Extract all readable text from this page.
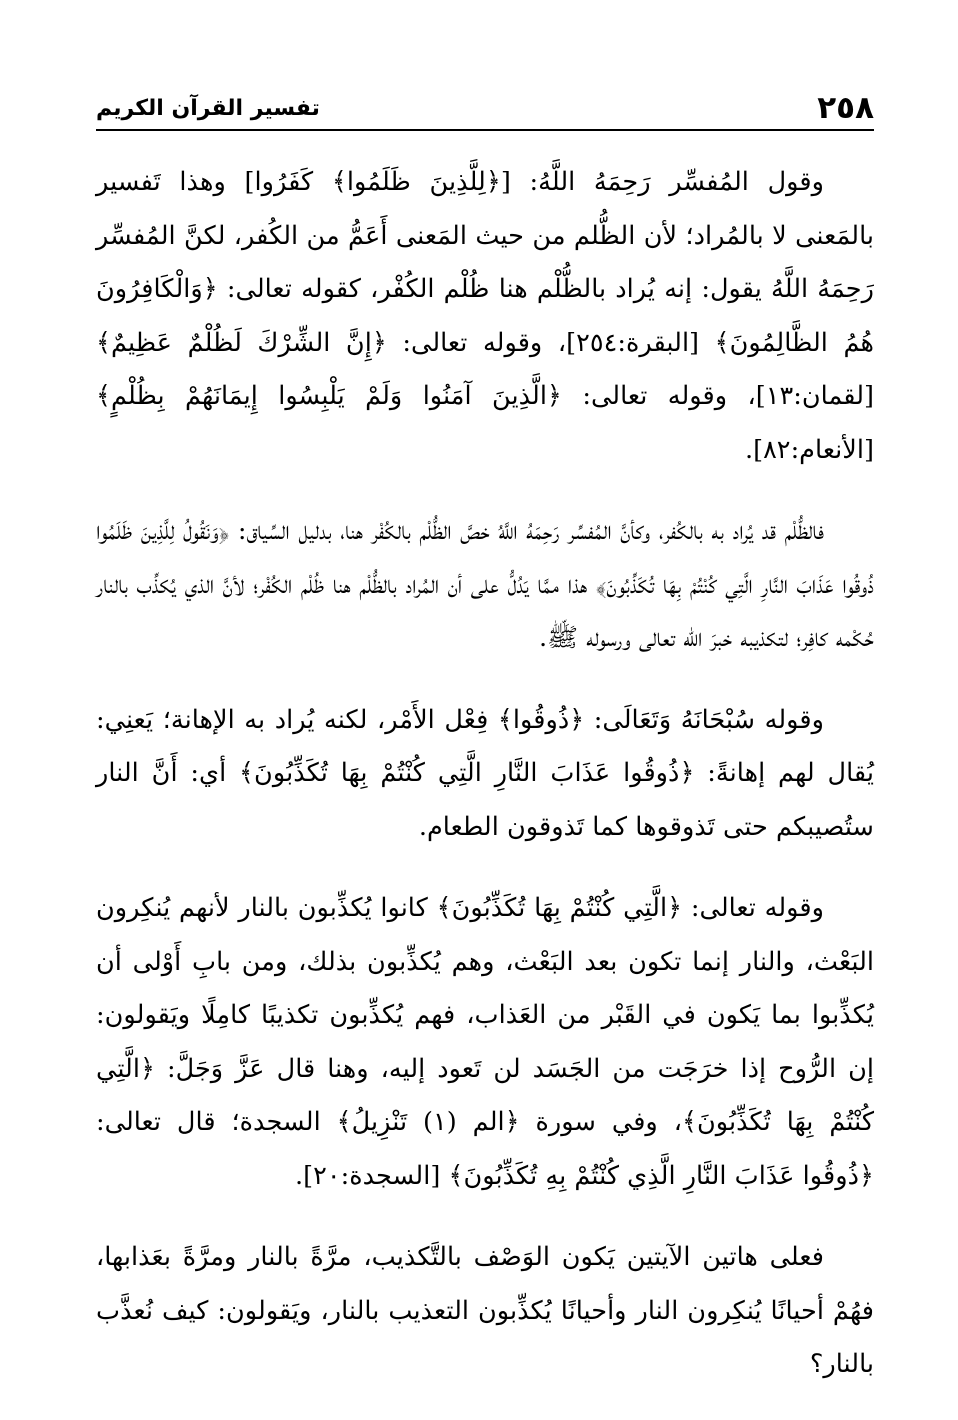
٢٥٨
تفسير القرآن الكريم

وقول المُفسِّر رَحِمَهُ اللَّهُ: [﴿لِلَّذِينَ ظَلَمُوا﴾ كَفَرُوا] وهذا تَفسير بالمَعنى لا بالمُراد؛ لأن الظُّلم من حيث المَعنى أَعَمُّ من الكُفر، لكنَّ المُفسِّر رَحِمَهُ اللَّهُ يقول: إنه يُراد بالظُّلْم هنا ظُلْم الكُفْر، كقوله تعالى: ﴿وَالْكَافِرُونَ هُمُ الظَّالِمُونَ﴾ [البقرة:٢٥٤]، وقوله تعالى: ﴿إِنَّ الشِّرْكَ لَظُلْمٌ عَظِيمٌ﴾ [لقمان:١٣]، وقوله تعالى: ﴿الَّذِينَ آمَنُوا وَلَمْ يَلْبِسُوا إِيمَانَهُمْ بِظُلْمٍ﴾ [الأنعام:٨٢].

فالظُّلْم قد يُراد به بالكُفر، وكأنَّ المُفسِّر رَحِمَهُ اللَّهُ خصَّ الظُّلْم بالكُفْر هنا، بدليل السِّياق: ﴿وَنَقُولُ لِلَّذِينَ ظَلَمُوا ذُوقُوا عَذَابَ النَّارِ الَّتِي كُنْتُمْ بِهَا تُكَذِّبُونَ﴾ هذا ممَّا يَدُلُّ على أن المُراد بالظُّلْم هنا ظُلْم الكُفْر؛ لأنَّ الذي يُكذِّب بالنار حُكْمه كافِر؛ لتكذيبه خبرَ الله تعالى ورسوله ﷺ.

وقوله سُبْحَانَهُ وَتَعَالَى: ﴿ذُوقُوا﴾ فِعْل الأَمْر، لكنه يُراد به الإهانة؛ يَعنِي: يُقال لهم إهانةً: ﴿ذُوقُوا عَذَابَ النَّارِ الَّتِي كُنْتُمْ بِهَا تُكَذِّبُونَ﴾ أي: أَنَّ النار ستُصيبكم حتى تَذوقوها كما تَذوقون الطعام.

وقوله تعالى: ﴿الَّتِي كُنْتُمْ بِهَا تُكَذِّبُونَ﴾ كانوا يُكذِّبون بالنار لأنهم يُنكِرون البَعْث، والنار إنما تكون بعد البَعْث، وهم يُكذِّبون بذلك، ومن بابِ أَوْلى أن يُكذِّبوا بما يَكون في القَبْر من العَذاب، فهم يُكذِّبون تكذيبًا كامِلًا ويَقولون: إن الرُّوح إذا خرَجَت من الجَسَد لن تَعود إليه، وهنا قال عَزَّ وَجَلَّ: ﴿الَّتِي كُنْتُمْ بِهَا تُكَذِّبُونَ﴾، وفي سورة ﴿الم (١) تَنْزِيلُ﴾ السجدة؛ قال تعالى: ﴿ذُوقُوا عَذَابَ النَّارِ الَّذِي كُنْتُمْ بِهِ تُكَذِّبُونَ﴾ [السجدة:٢٠].

فعلى هاتين الآيتين يَكون الوَصْف بالتَّكذيب، مرَّةً بالنار ومرَّةً بعَذابها، فهُمْ أحيانًا يُنكِرون النار وأحيانًا يُكذِّبون التعذيب بالنار، ويَقولون: كيف نُعذَّب بالنار؟
